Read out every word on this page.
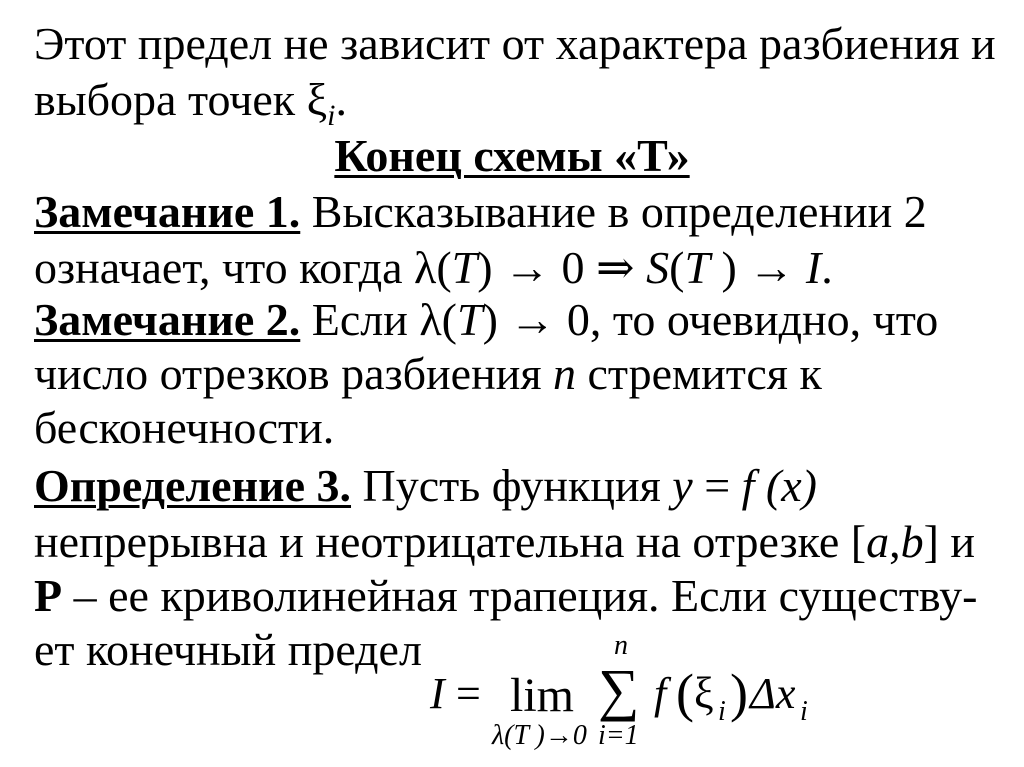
Этот предел не зависит от характера разбиения и
выбора точек $\xi_i$.
Конец схемы «Т»
Замечание 1. Высказывание в определении 2
означает, что когда λ(T) → 0 ⇒ S(T ) → I.
Замечание 2. Если λ(T) → 0, то очевидно, что
число отрезков разбиения n стремится к
бесконечности.
Определение 3. Пусть функция y = f (x)
непрерывна и неотрицательна на отрезке [a,b] и
P – ее криволинейная трапеция. Если существу-
ет конечный предел
I = lim
λ(T )→0
n
∑
i=1
f ( ξ i ) Δx i
